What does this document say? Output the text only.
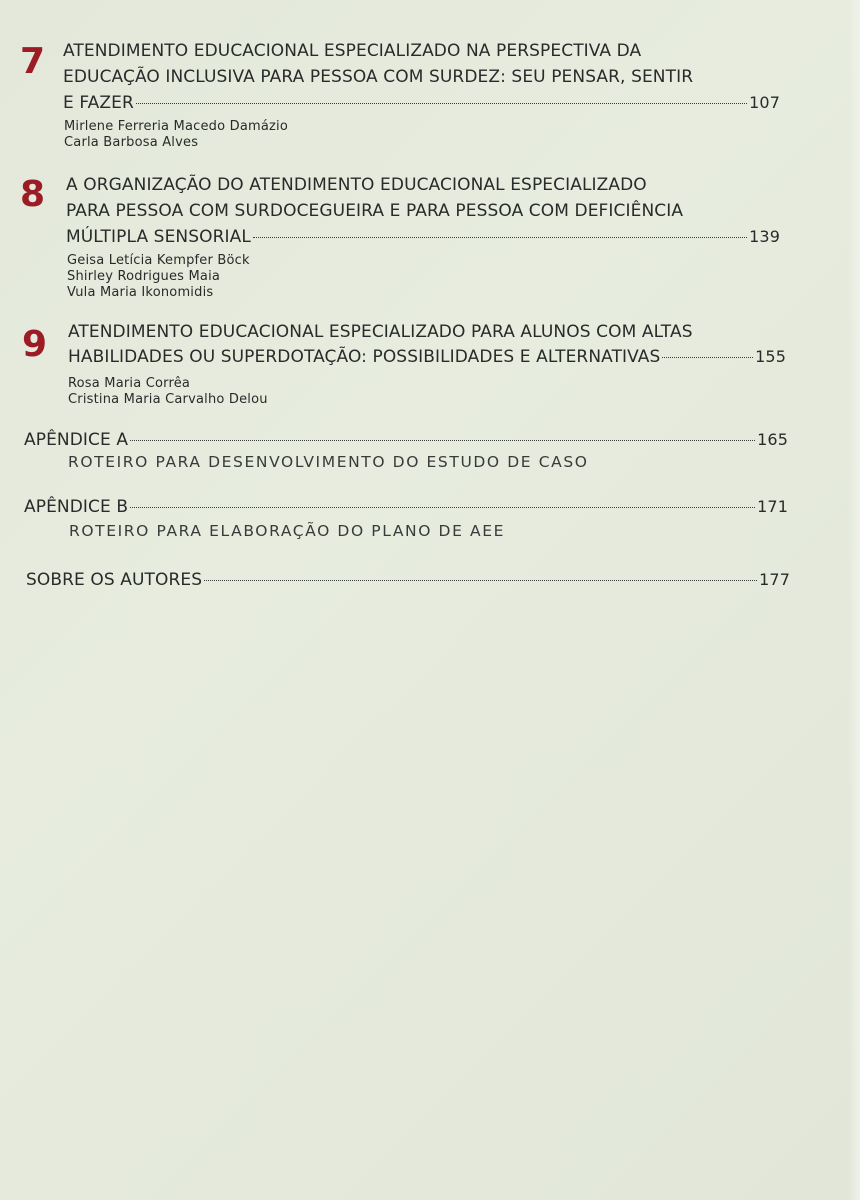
7 ATENDIMENTO EDUCACIONAL ESPECIALIZADO NA PERSPECTIVA DA
EDUCAÇÃO INCLUSIVA PARA PESSOA COM SURDEZ: SEU PENSAR, SENTIR
E FAZER	107
Mirlene Ferreria Macedo Damázio
Carla Barbosa Alves
8 A ORGANIZAÇÃO DO ATENDIMENTO EDUCACIONAL ESPECIALIZADO
PARA PESSOA COM SURDOCEGUEIRA E PARA PESSOA COM DEFICIÊNCIA
MÚLTIPLA SENSORIAL	139
Geisa Letícia Kempfer Böck
Shirley Rodrigues Maia
Vula Maria Ikonomidis
9 ATENDIMENTO EDUCACIONAL ESPECIALIZADO PARA ALUNOS COM ALTAS
HABILIDADES OU SUPERDOTAÇÃO: POSSIBILIDADES E ALTERNATIVAS	155
Rosa Maria Corrêa
Cristina Maria Carvalho Delou
APÊNDICE A	165
ROTEIRO PARA DESENVOLVIMENTO DO ESTUDO DE CASO
APÊNDICE B	171
ROTEIRO PARA ELABORAÇÃO DO PLANO DE AEE
SOBRE OS AUTORES	177
